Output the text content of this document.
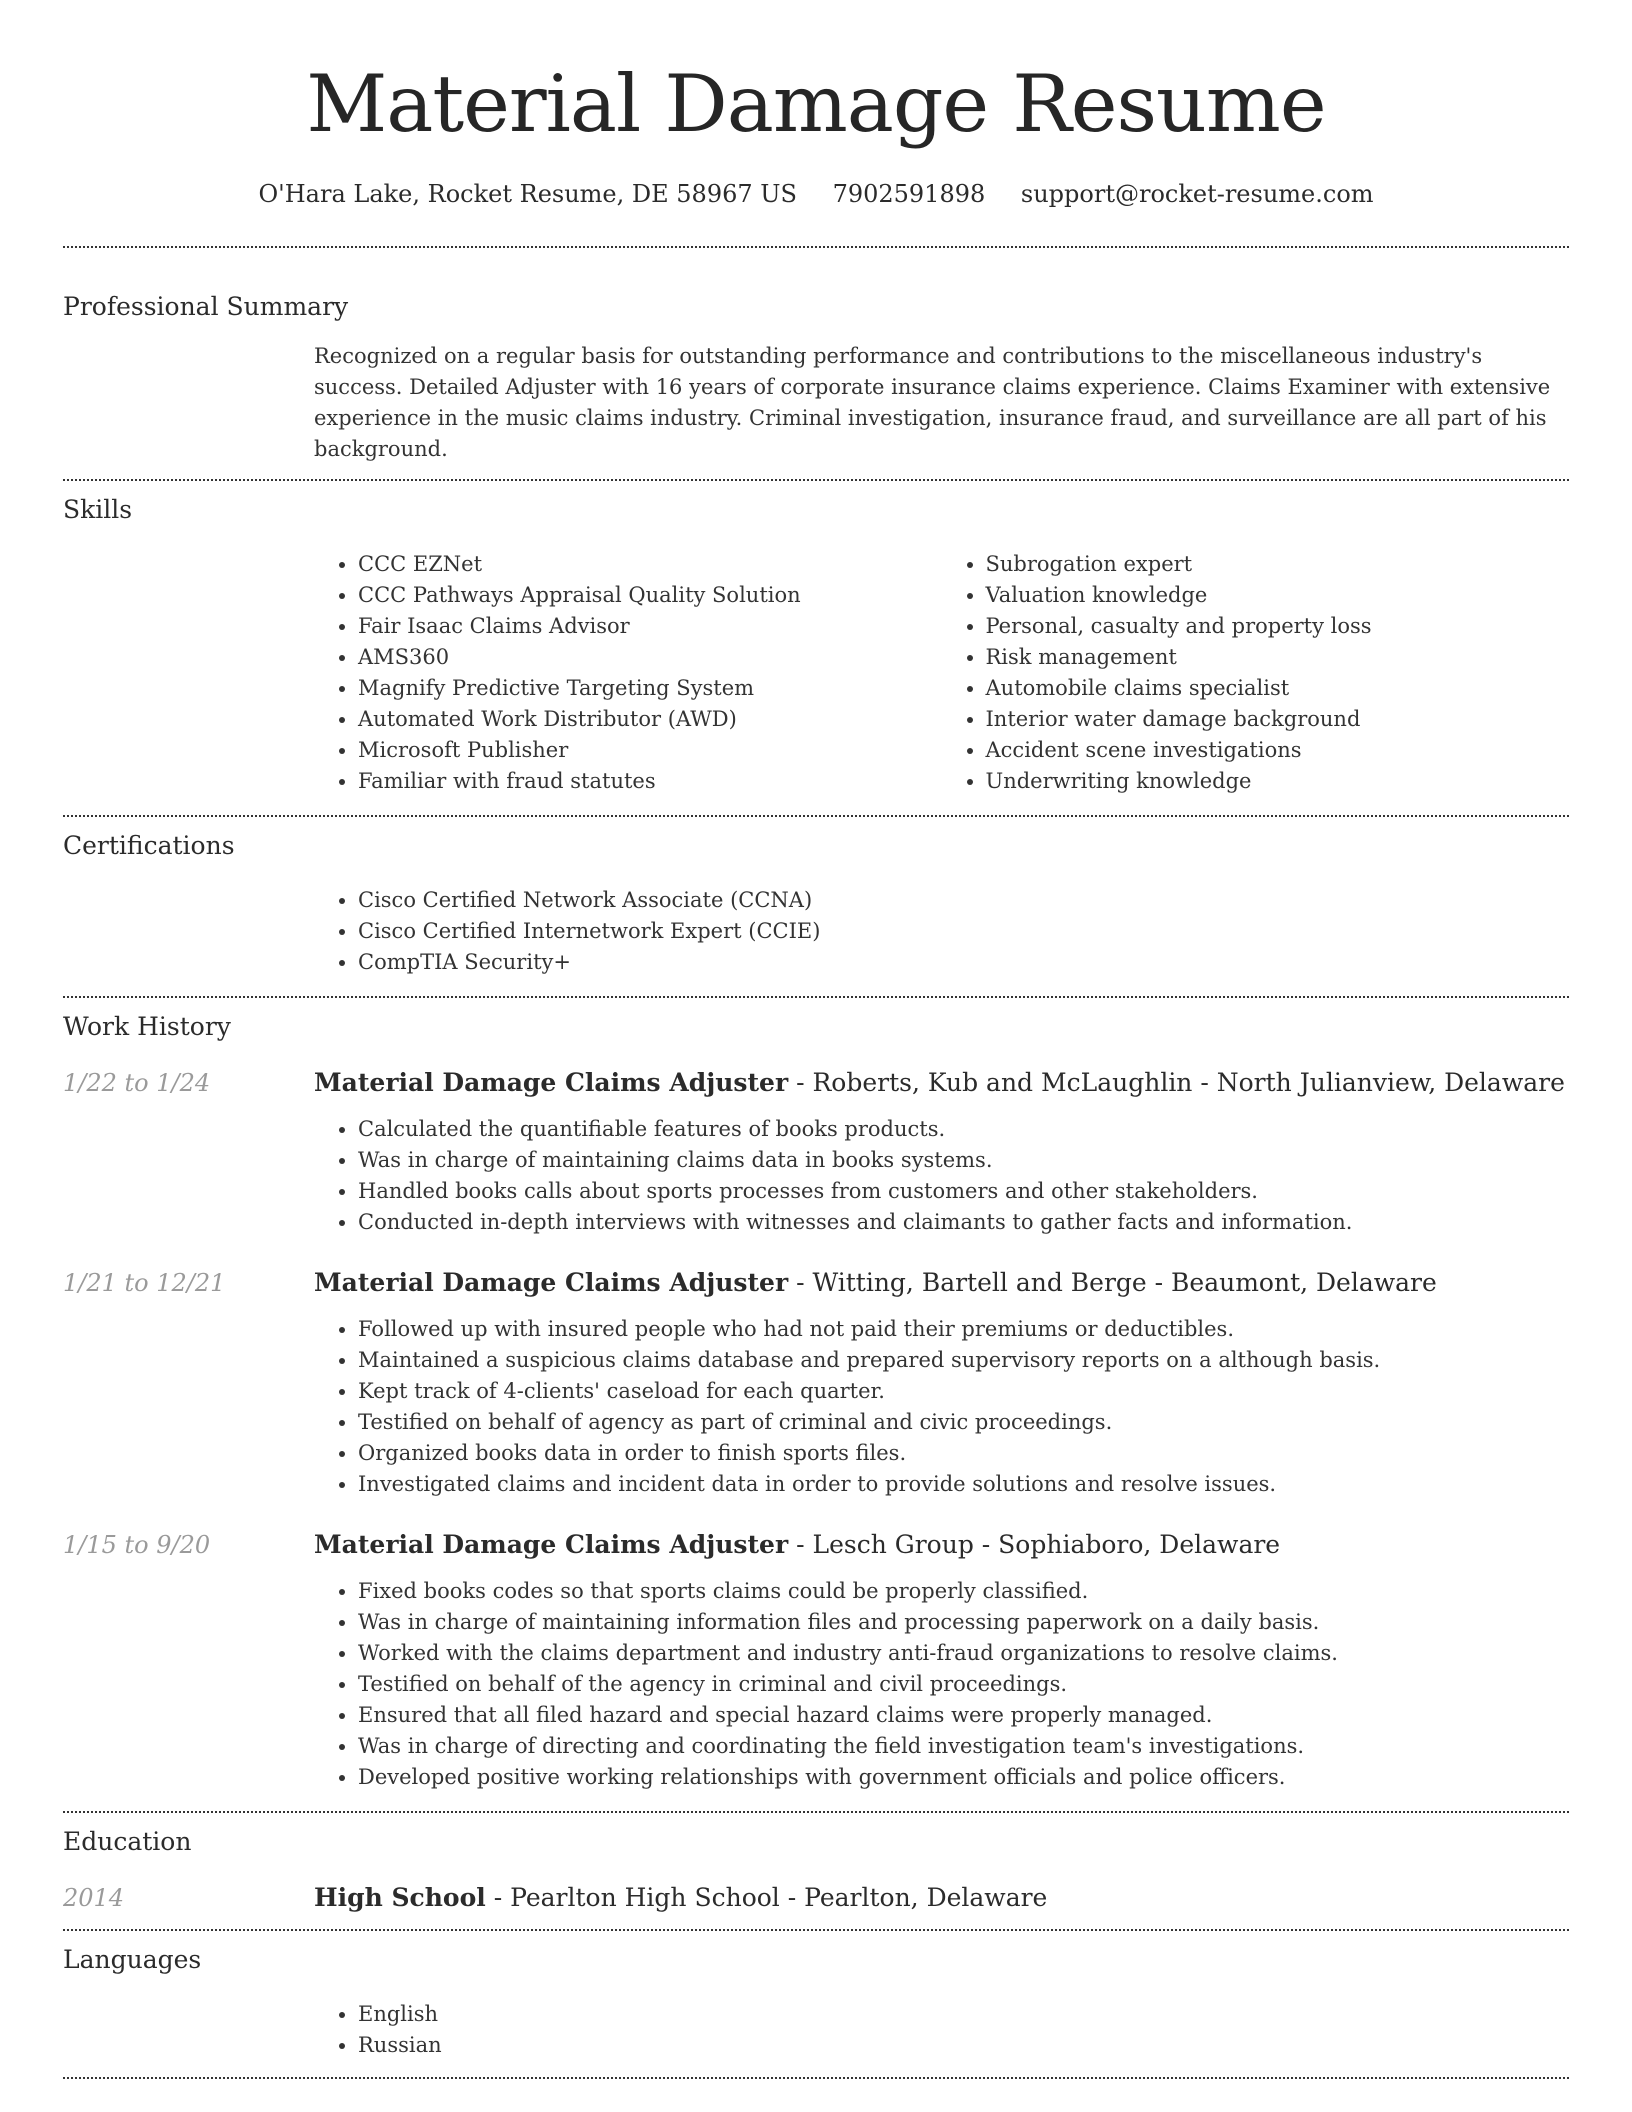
Material Damage Resume
O'Hara Lake, Rocket Resume, DE 58967 US 7902591898 support@rocket-resume.com
Professional Summary
Recognized on a regular basis for outstanding performance and contributions to the miscellaneous industry's success. Detailed Adjuster with 16 years of corporate insurance claims experience. Claims Examiner with extensive experience in the music claims industry. Criminal investigation, insurance fraud, and surveillance are all part of his background.
Skills
• CCC EZNet
• CCC Pathways Appraisal Quality Solution
• Fair Isaac Claims Advisor
• AMS360
• Magnify Predictive Targeting System
• Automated Work Distributor (AWD)
• Microsoft Publisher
• Familiar with fraud statutes
• Subrogation expert
• Valuation knowledge
• Personal, casualty and property loss
• Risk management
• Automobile claims specialist
• Interior water damage background
• Accident scene investigations
• Underwriting knowledge
Certifications
• Cisco Certified Network Associate (CCNA)
• Cisco Certified Internetwork Expert (CCIE)
• CompTIA Security+
Work History
1/22 to 1/24	Material Damage Claims Adjuster - Roberts, Kub and McLaughlin - North Julianview, Delaware
• Calculated the quantifiable features of books products.
• Was in charge of maintaining claims data in books systems.
• Handled books calls about sports processes from customers and other stakeholders.
• Conducted in-depth interviews with witnesses and claimants to gather facts and information.
1/21 to 12/21	Material Damage Claims Adjuster - Witting, Bartell and Berge - Beaumont, Delaware
• Followed up with insured people who had not paid their premiums or deductibles.
• Maintained a suspicious claims database and prepared supervisory reports on a although basis.
• Kept track of 4-clients' caseload for each quarter.
• Testified on behalf of agency as part of criminal and civic proceedings.
• Organized books data in order to finish sports files.
• Investigated claims and incident data in order to provide solutions and resolve issues.
1/15 to 9/20	Material Damage Claims Adjuster - Lesch Group - Sophiaboro, Delaware
• Fixed books codes so that sports claims could be properly classified.
• Was in charge of maintaining information files and processing paperwork on a daily basis.
• Worked with the claims department and industry anti-fraud organizations to resolve claims.
• Testified on behalf of the agency in criminal and civil proceedings.
• Ensured that all filed hazard and special hazard claims were properly managed.
• Was in charge of directing and coordinating the field investigation team's investigations.
• Developed positive working relationships with government officials and police officers.
Education
2014	High School - Pearlton High School - Pearlton, Delaware
Languages
• English
• Russian
